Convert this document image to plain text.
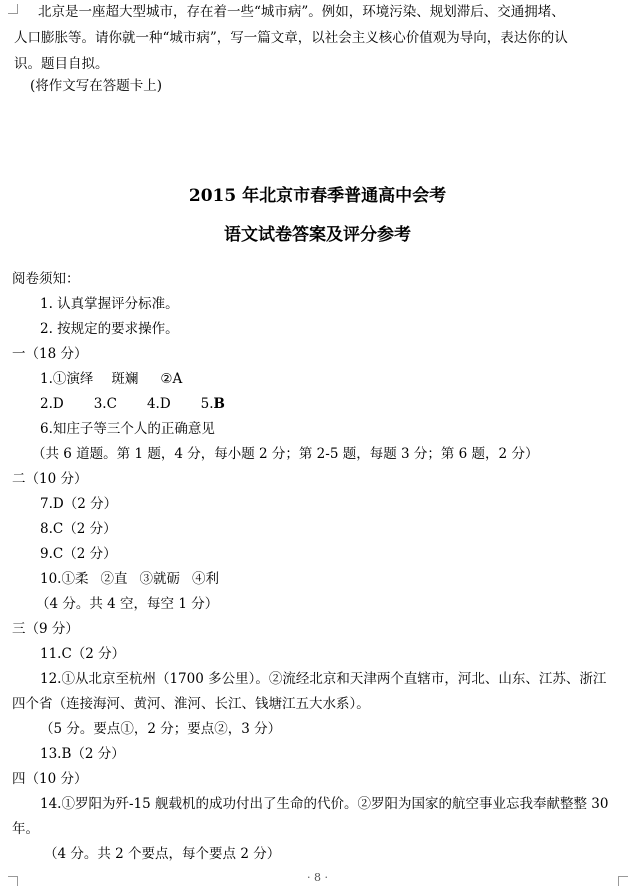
北京是一座超大型城市，存在着一些“城市病”。例如，环境污染、规划滞后、交通拥堵、
人口膨胀等。请你就一种“城市病”，写一篇文章，以社会主义核心价值观为导向，表达你的认
识。题目自拟。
(将作文写在答题卡上)
2015 年北京市春季普通高中会考
语文试卷答案及评分参考
阅卷须知：
1. 认真掌握评分标准。
2. 按规定的要求操作。
一（18 分）
1.①演绎 斑斓 ②A
2.D 3.C 4.D 5.B
6.知庄子等三个人的正确意见
（共 6 道题。第 1 题，4 分，每小题 2 分；第 2-5 题，每题 3 分；第 6 题，2 分）
二（10 分）
7.D（2 分）
8.C（2 分）
9.C（2 分）
10.①柔 ②直 ③就砺 ④利
（4 分。共 4 空，每空 1 分）
三（9 分）
11.C（2 分）
12.①从北京至杭州（1700 多公里）。②流经北京和天津两个直辖市，河北、山东、江苏、浙江
四个省（连接海河、黄河、淮河、长江、钱塘江五大水系）。
（5 分。要点①，2 分；要点②，3 分）
13.B（2 分）
四（10 分）
14.①罗阳为歼-15 舰载机的成功付出了生命的代价。②罗阳为国家的航空事业忘我奉献整整 30
年。
（4 分。共 2 个要点，每个要点 2 分）
· 8 ·
